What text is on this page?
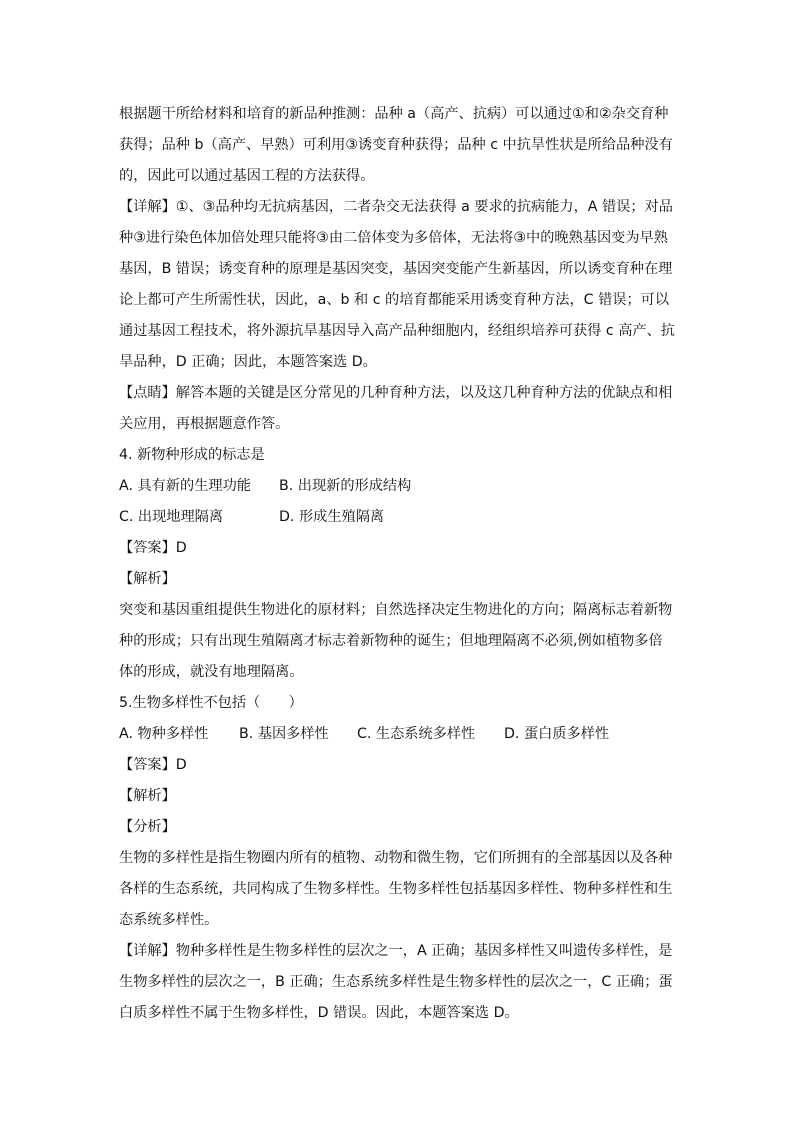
根据题干所给材料和培育的新品种推测：品种 a（高产、抗病）可以通过①和②杂交育种获得；品种 b（高产、早熟）可利用③诱变育种获得；品种 c 中抗旱性状是所给品种没有的，因此可以通过基因工程的方法获得。

【详解】①、③品种均无抗病基因，二者杂交无法获得 a 要求的抗病能力，A 错误；对品种③进行染色体加倍处理只能将③由二倍体变为多倍体，无法将③中的晚熟基因变为早熟基因，B 错误；诱变育种的原理是基因突变，基因突变能产生新基因，所以诱变育种在理论上都可产生所需性状，因此，a、b 和 c 的培育都能采用诱变育种方法，C 错误；可以通过基因工程技术，将外源抗旱基因导入高产品种细胞内，经组织培养可获得 c 高产、抗旱品种，D 正确；因此，本题答案选 D。

【点睛】解答本题的关键是区分常见的几种育种方法，以及这几种育种方法的优缺点和相关应用，再根据题意作答。

4. 新物种形成的标志是

A. 具有新的生理功能	B. 出现新的形成结构
C. 出现地理隔离	D. 形成生殖隔离

【答案】D

【解析】

突变和基因重组提供生物进化的原材料；自然选择决定生物进化的方向；隔离标志着新物种的形成；只有出现生殖隔离才标志着新物种的诞生；但地理隔离不必须,例如植物多倍体的形成，就没有地理隔离。

5.生物多样性不包括（　　）

A. 物种多样性	B. 基因多样性	C. 生态系统多样性	D. 蛋白质多样性

【答案】D

【解析】

【分析】

生物的多样性是指生物圈内所有的植物、动物和微生物，它们所拥有的全部基因以及各种各样的生态系统，共同构成了生物多样性。生物多样性包括基因多样性、物种多样性和生态系统多样性。

【详解】物种多样性是生物多样性的层次之一，A 正确；基因多样性又叫遗传多样性，是生物多样性的层次之一，B 正确；生态系统多样性是生物多样性的层次之一，C 正确；蛋白质多样性不属于生物多样性，D 错误。因此，本题答案选 D。
